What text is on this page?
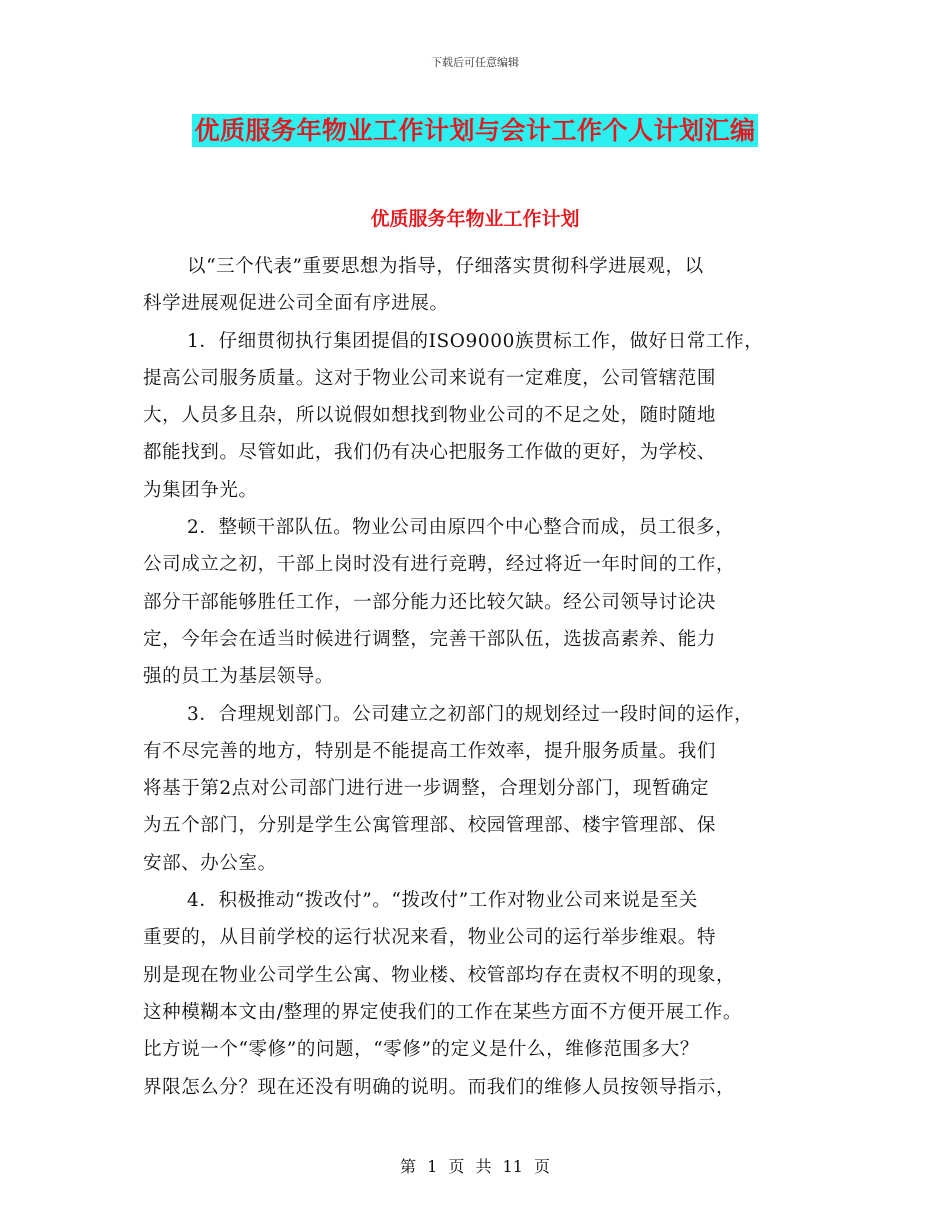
下载后可任意编辑
优质服务年物业工作计划与会计工作个人计划汇编
优质服务年物业工作计划
以“三个代表”重要思想为指导，仔细落实贯彻科学进展观，以
科学进展观促进公司全面有序进展。
1．仔细贯彻执行集团提倡的ISO9000族贯标工作，做好日常工作，
提高公司服务质量。这对于物业公司来说有一定难度，公司管辖范围
大，人员多且杂，所以说假如想找到物业公司的不足之处，随时随地
都能找到。尽管如此，我们仍有决心把服务工作做的更好，为学校、
为集团争光。
2．整顿干部队伍。物业公司由原四个中心整合而成，员工很多，
公司成立之初，干部上岗时没有进行竞聘，经过将近一年时间的工作，
部分干部能够胜任工作，一部分能力还比较欠缺。经公司领导讨论决
定，今年会在适当时候进行调整，完善干部队伍，选拔高素养、能力
强的员工为基层领导。
3．合理规划部门。公司建立之初部门的规划经过一段时间的运作，
有不尽完善的地方，特别是不能提高工作效率，提升服务质量。我们
将基于第2点对公司部门进行进一步调整，合理划分部门，现暂确定
为五个部门，分别是学生公寓管理部、校园管理部、楼宇管理部、保
安部、办公室。
4．积极推动“拨改付”。“拨改付”工作对物业公司来说是至关
重要的，从目前学校的运行状况来看，物业公司的运行举步维艰。特
别是现在物业公司学生公寓、物业楼、校管部均存在责权不明的现象，
这种模糊本文由/整理的界定使我们的工作在某些方面不方便开展工作。
比方说一个“零修”的问题，“零修”的定义是什么，维修范围多大？
界限怎么分？现在还没有明确的说明。而我们的维修人员按领导指示，
第 1 页 共 11 页
